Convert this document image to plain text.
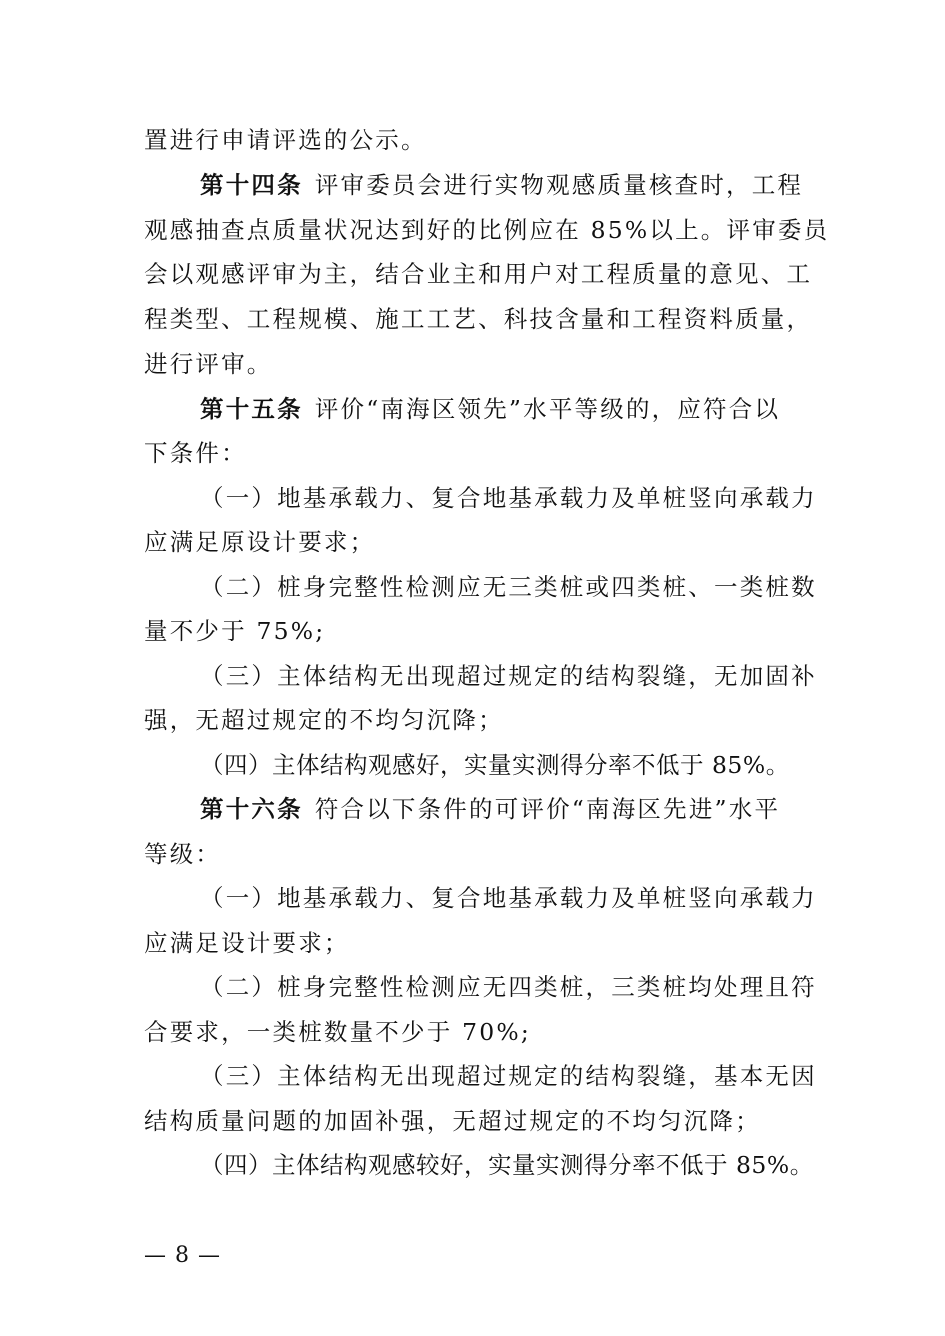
置进行申请评选的公示。

第十四条 评审委员会进行实物观感质量核查时，工程

观感抽查点质量状况达到好的比例应在 85%以上。评审委员

会以观感评审为主，结合业主和用户对工程质量的意见、工

程类型、工程规模、施工工艺、科技含量和工程资料质量，

进行评审。

第十五条 评价“南海区领先”水平等级的，应符合以

下条件：

（一）地基承载力、复合地基承载力及单桩竖向承载力

应满足原设计要求；

（二）桩身完整性检测应无三类桩或四类桩、一类桩数

量不少于 75%;

（三）主体结构无出现超过规定的结构裂缝，无加固补

强，无超过规定的不均匀沉降；

（四）主体结构观感好，实量实测得分率不低于 85%。

第十六条 符合以下条件的可评价“南海区先进”水平

等级：

（一）地基承载力、复合地基承载力及单桩竖向承载力

应满足设计要求；

（二）桩身完整性检测应无四类桩，三类桩均处理且符

合要求，一类桩数量不少于 70%;

（三）主体结构无出现超过规定的结构裂缝，基本无因

结构质量问题的加固补强，无超过规定的不均匀沉降；

（四）主体结构观感较好，实量实测得分率不低于 85%。

— 8 —
